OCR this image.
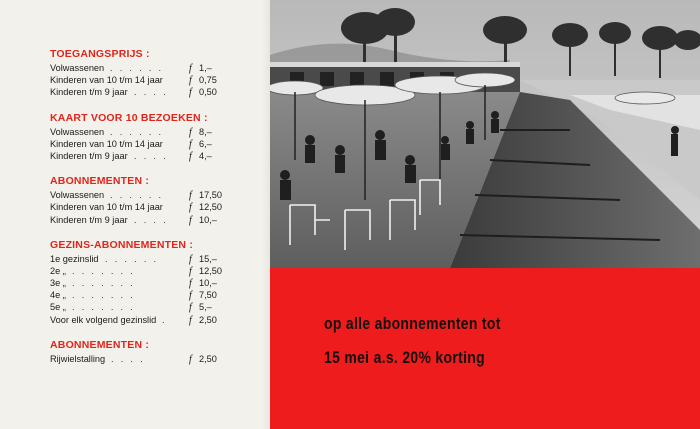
TOEGANGSPRIJS :
Volwassenen . . . . . .	f 1,–
Kinderen van 10 t/m 14 jaar	f 0,75
Kinderen t/m 9 jaar . . . . f 0,50
KAART VOOR 10 BEZOEKEN :
Volwassenen . . . . . .	f 8,–
Kinderen van 10 t/m 14 jaar	f 6,–
Kinderen t/m 9 jaar . . . . f 4,–
ABONNEMENTEN :
Volwassenen . . . . . .	f 17,50
Kinderen van 10 t/m 14 jaar	f 12,50
Kinderen t/m 9 jaar . . . . f 10,–
GEZINS-ABONNEMENTEN :
1e gezinslid . . . . . .	f 15,–
2e „ . . . . . . .	f 12,50
3e „ . . . . . . .	f 10,–
4e „ . . . . . . .	f 7,50
5e „ . . . . . . .	f 5,–
Voor elk volgend gezinslid . f 2,50
ABONNEMENTEN :
Rijwielstalling . . . .	f 2,50
op alle abonnementen tot
15 mei a.s. 20% korting
